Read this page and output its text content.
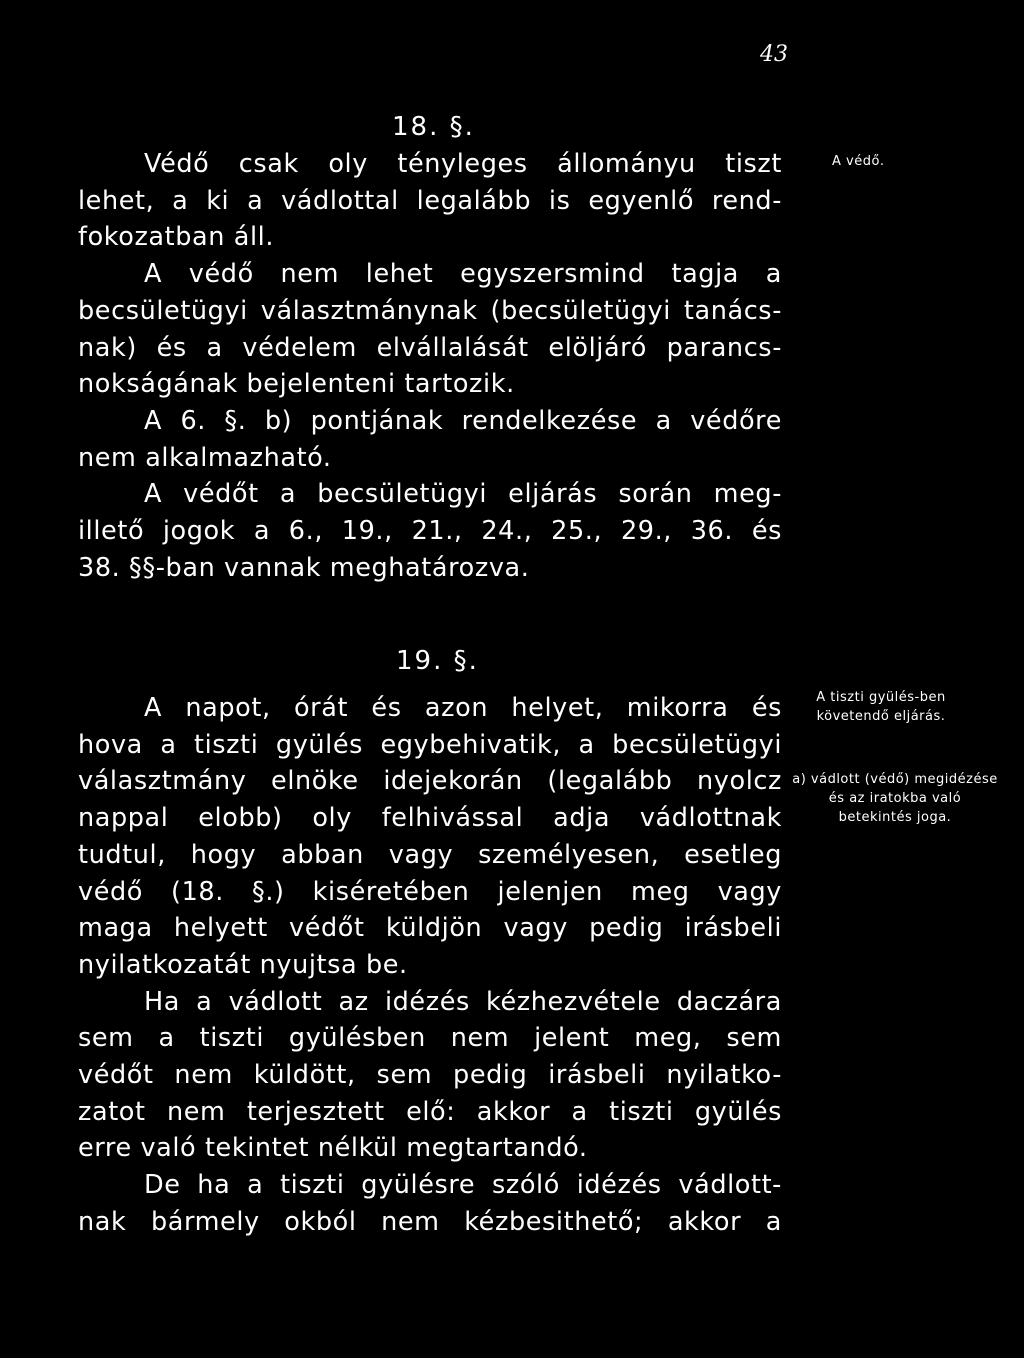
43
18. §.
A védő.

Védő csak oly tényleges állományu tiszt

lehet, a ki a vádlottal legalább is egyenlő rend-

fokozatban áll.

A védő nem lehet egyszersmind tagja a

becsületügyi választmánynak (becsületügyi tanács-

nak) és a védelem elvállalását elöljáró parancs-

nokságának bejelenteni tartozik.

A 6. §. b) pontjának rendelkezése a védőre

nem alkalmazható.

A védőt a becsületügyi eljárás során meg-

illető jogok a 6., 19., 21., 24., 25., 29., 36. és

38. §§-ban vannak meghatározva.

19. §.
A tiszti gyülés-ben követendő eljárás.
a) vádlott (védő) megidézése és az iratokba való betekintés joga.

A napot, órát és azon helyet, mikorra és

hova a tiszti gyülés egybehivatik, a becsületügyi

választmány elnöke idejekorán (legalább nyolcz

nappal elobb) oly felhivással adja vádlottnak

tudtul, hogy abban vagy személyesen, esetleg

védő (18. §.) kiséretében jelenjen meg vagy

maga helyett védőt küldjön vagy pedig irásbeli

nyilatkozatát nyujtsa be.

Ha a vádlott az idézés kézhezvétele daczára

sem a tiszti gyülésben nem jelent meg, sem

védőt nem küldött, sem pedig irásbeli nyilatko-

zatot nem terjesztett elő: akkor a tiszti gyülés

erre való tekintet nélkül megtartandó.

De ha a tiszti gyülésre szóló idézés vádlott-

nak bármely okból nem kézbesithető; akkor a
